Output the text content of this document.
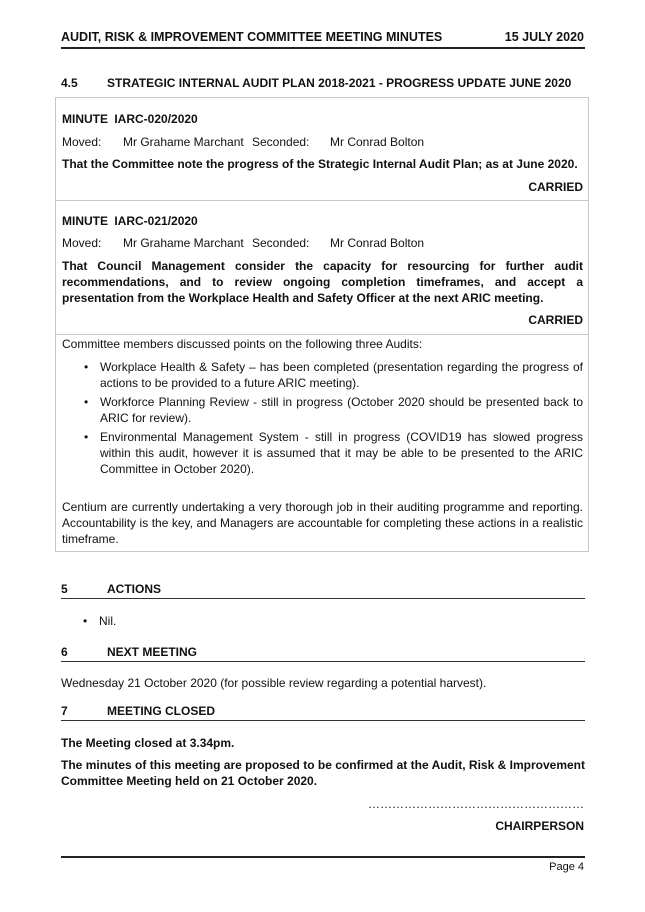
AUDIT, RISK & IMPROVEMENT COMMITTEE MEETING MINUTES	15 JULY 2020
4.5 STRATEGIC INTERNAL AUDIT PLAN 2018-2021 - PROGRESS UPDATE JUNE 2020
MINUTE IARC-020/2020
Moved: Mr Grahame Marchant Seconded: Mr Conrad Bolton
That the Committee note the progress of the Strategic Internal Audit Plan; as at June 2020.
CARRIED
MINUTE IARC-021/2020
Moved: Mr Grahame Marchant Seconded: Mr Conrad Bolton
That Council Management consider the capacity for resourcing for further audit recommendations, and to review ongoing completion timeframes, and accept a presentation from the Workplace Health and Safety Officer at the next ARIC meeting.
CARRIED
Committee members discussed points on the following three Audits:
• Workplace Health & Safety – has been completed (presentation regarding the progress of actions to be provided to a future ARIC meeting).
• Workforce Planning Review - still in progress (October 2020 should be presented back to ARIC for review).
• Environmental Management System - still in progress (COVID19 has slowed progress within this audit, however it is assumed that it may be able to be presented to the ARIC Committee in October 2020).
Centium are currently undertaking a very thorough job in their auditing programme and reporting. Accountability is the key, and Managers are accountable for completing these actions in a realistic timeframe.
5	ACTIONS
• Nil.
6	NEXT MEETING
Wednesday 21 October 2020 (for possible review regarding a potential harvest).
7	MEETING CLOSED
The Meeting closed at 3.34pm.
The minutes of this meeting are proposed to be confirmed at the Audit, Risk & Improvement Committee Meeting held on 21 October 2020.
………………………………………………
CHAIRPERSON
Page 4
